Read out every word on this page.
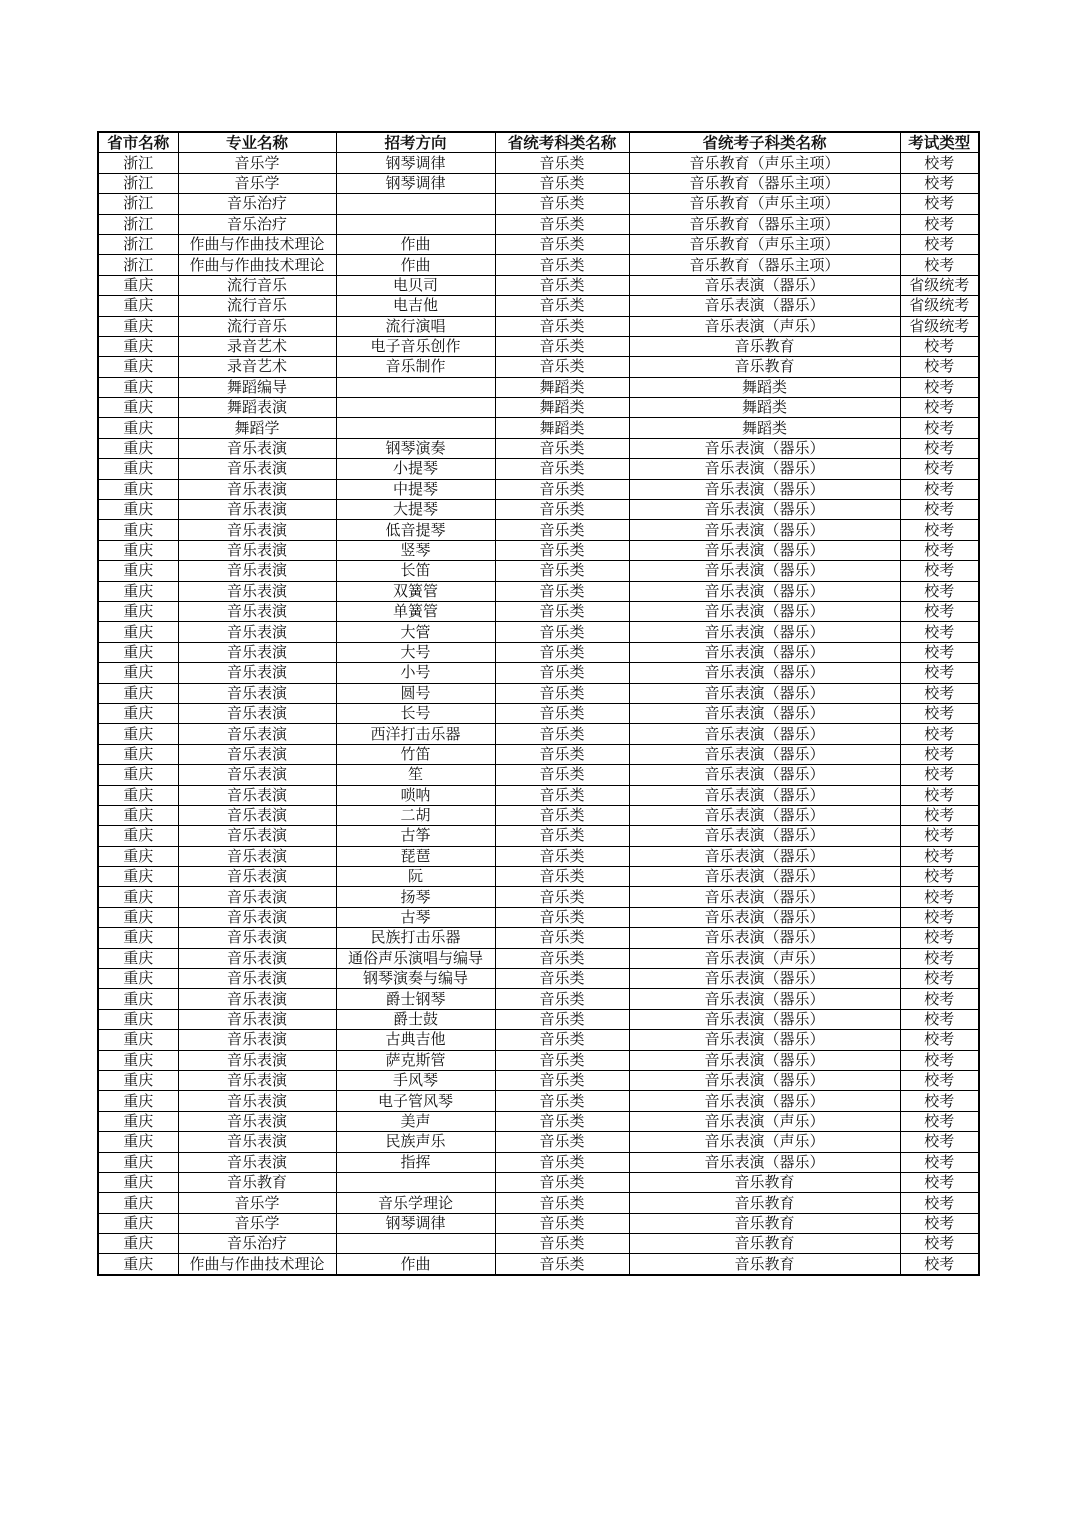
省市名称	专业名称	招考方向	省统考科类名称	省统考子科类名称	考试类型
浙江	音乐学	钢琴调律	音乐类	音乐教育（声乐主项）	校考
浙江	音乐学	钢琴调律	音乐类	音乐教育（器乐主项）	校考
浙江	音乐治疗		音乐类	音乐教育（声乐主项）	校考
浙江	音乐治疗		音乐类	音乐教育（器乐主项）	校考
浙江	作曲与作曲技术理论	作曲	音乐类	音乐教育（声乐主项）	校考
浙江	作曲与作曲技术理论	作曲	音乐类	音乐教育（器乐主项）	校考
重庆	流行音乐	电贝司	音乐类	音乐表演（器乐）	省级统考
重庆	流行音乐	电吉他	音乐类	音乐表演（器乐）	省级统考
重庆	流行音乐	流行演唱	音乐类	音乐表演（声乐）	省级统考
重庆	录音艺术	电子音乐创作	音乐类	音乐教育	校考
重庆	录音艺术	音乐制作	音乐类	音乐教育	校考
重庆	舞蹈编导		舞蹈类	舞蹈类	校考
重庆	舞蹈表演		舞蹈类	舞蹈类	校考
重庆	舞蹈学		舞蹈类	舞蹈类	校考
重庆	音乐表演	钢琴演奏	音乐类	音乐表演（器乐）	校考
重庆	音乐表演	小提琴	音乐类	音乐表演（器乐）	校考
重庆	音乐表演	中提琴	音乐类	音乐表演（器乐）	校考
重庆	音乐表演	大提琴	音乐类	音乐表演（器乐）	校考
重庆	音乐表演	低音提琴	音乐类	音乐表演（器乐）	校考
重庆	音乐表演	竖琴	音乐类	音乐表演（器乐）	校考
重庆	音乐表演	长笛	音乐类	音乐表演（器乐）	校考
重庆	音乐表演	双簧管	音乐类	音乐表演（器乐）	校考
重庆	音乐表演	单簧管	音乐类	音乐表演（器乐）	校考
重庆	音乐表演	大管	音乐类	音乐表演（器乐）	校考
重庆	音乐表演	大号	音乐类	音乐表演（器乐）	校考
重庆	音乐表演	小号	音乐类	音乐表演（器乐）	校考
重庆	音乐表演	圆号	音乐类	音乐表演（器乐）	校考
重庆	音乐表演	长号	音乐类	音乐表演（器乐）	校考
重庆	音乐表演	西洋打击乐器	音乐类	音乐表演（器乐）	校考
重庆	音乐表演	竹笛	音乐类	音乐表演（器乐）	校考
重庆	音乐表演	笙	音乐类	音乐表演（器乐）	校考
重庆	音乐表演	唢呐	音乐类	音乐表演（器乐）	校考
重庆	音乐表演	二胡	音乐类	音乐表演（器乐）	校考
重庆	音乐表演	古筝	音乐类	音乐表演（器乐）	校考
重庆	音乐表演	琵琶	音乐类	音乐表演（器乐）	校考
重庆	音乐表演	阮	音乐类	音乐表演（器乐）	校考
重庆	音乐表演	扬琴	音乐类	音乐表演（器乐）	校考
重庆	音乐表演	古琴	音乐类	音乐表演（器乐）	校考
重庆	音乐表演	民族打击乐器	音乐类	音乐表演（器乐）	校考
重庆	音乐表演	通俗声乐演唱与编导	音乐类	音乐表演（声乐）	校考
重庆	音乐表演	钢琴演奏与编导	音乐类	音乐表演（器乐）	校考
重庆	音乐表演	爵士钢琴	音乐类	音乐表演（器乐）	校考
重庆	音乐表演	爵士鼓	音乐类	音乐表演（器乐）	校考
重庆	音乐表演	古典吉他	音乐类	音乐表演（器乐）	校考
重庆	音乐表演	萨克斯管	音乐类	音乐表演（器乐）	校考
重庆	音乐表演	手风琴	音乐类	音乐表演（器乐）	校考
重庆	音乐表演	电子管风琴	音乐类	音乐表演（器乐）	校考
重庆	音乐表演	美声	音乐类	音乐表演（声乐）	校考
重庆	音乐表演	民族声乐	音乐类	音乐表演（声乐）	校考
重庆	音乐表演	指挥	音乐类	音乐表演（器乐）	校考
重庆	音乐教育		音乐类	音乐教育	校考
重庆	音乐学	音乐学理论	音乐类	音乐教育	校考
重庆	音乐学	钢琴调律	音乐类	音乐教育	校考
重庆	音乐治疗		音乐类	音乐教育	校考
重庆	作曲与作曲技术理论	作曲	音乐类	音乐教育	校考
